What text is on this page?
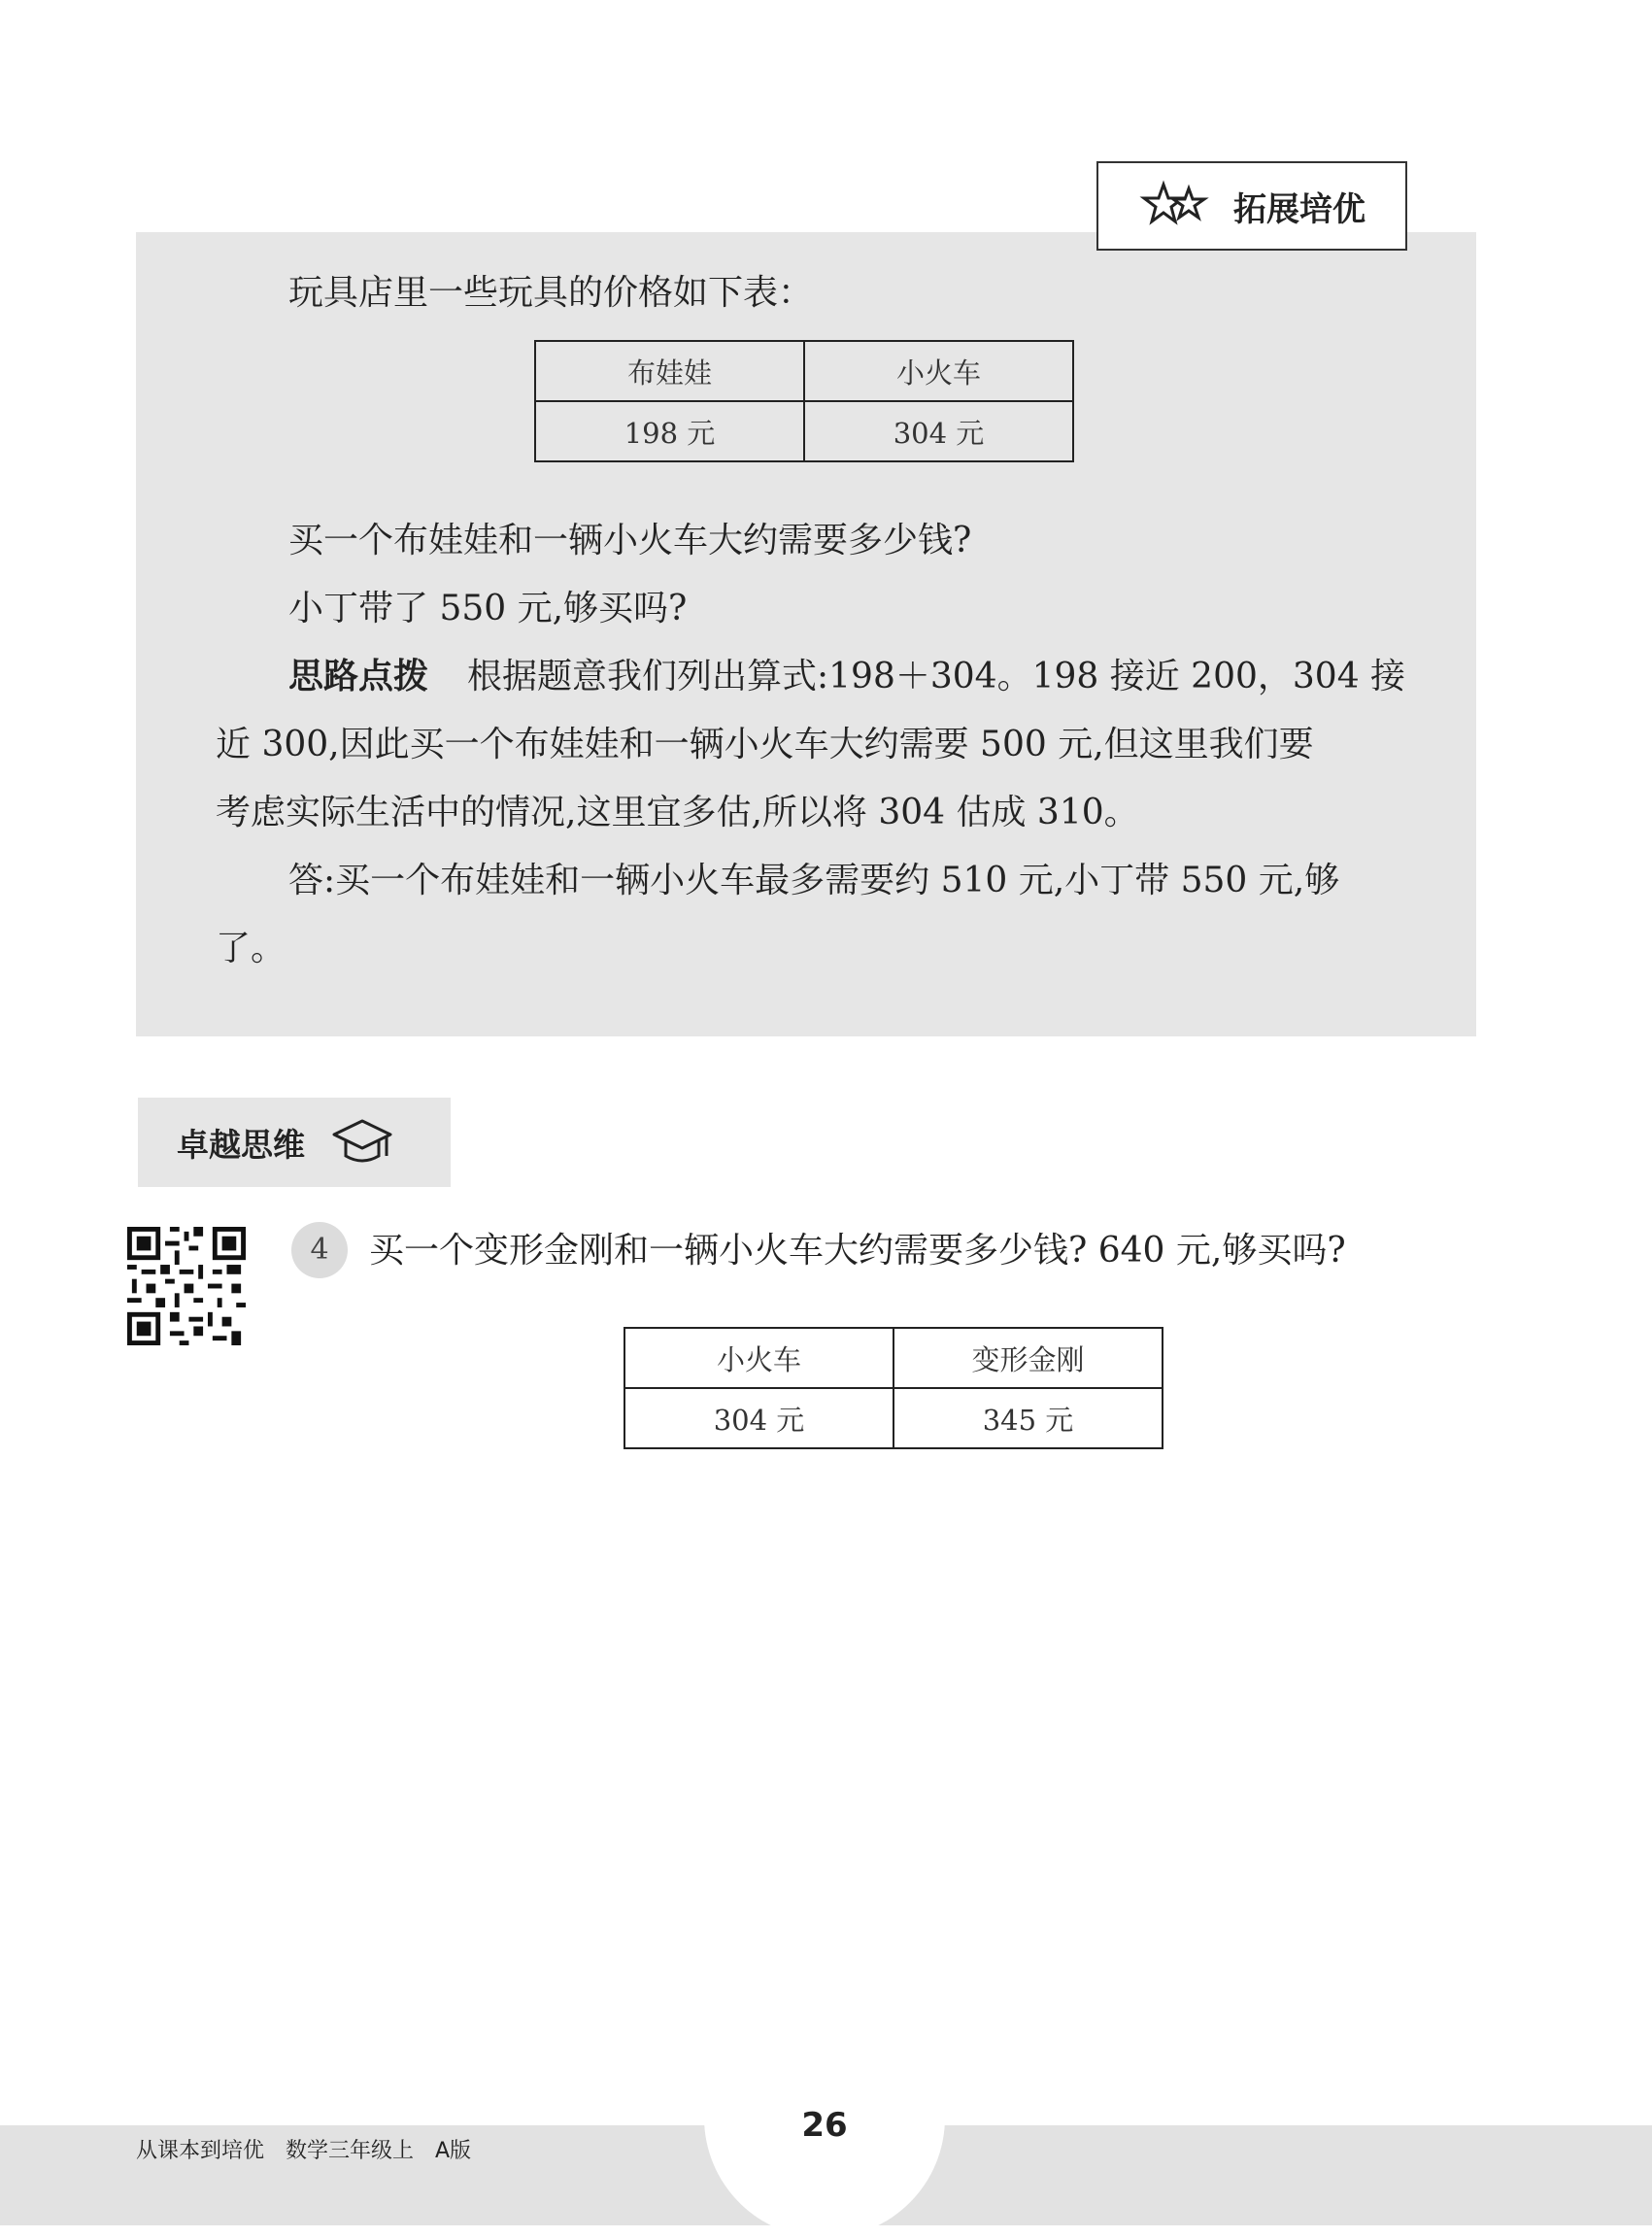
拓展培优
玩具店里一些玩具的价格如下表：
布娃娃	小火车
198 元	304 元
买一个布娃娃和一辆小火车大约需要多少钱?
小丁带了 550 元,够买吗?
思路点拨 根据题意我们列出算式:198＋304。198 接近 200，304 接
近 300,因此买一个布娃娃和一辆小火车大约需要 500 元,但这里我们要
考虑实际生活中的情况,这里宜多估,所以将 304 估成 310。
答:买一个布娃娃和一辆小火车最多需要约 510 元,小丁带 550 元,够
了。
卓越思维
4	买一个变形金刚和一辆小火车大约需要多少钱? 640 元,够买吗?
小火车	变形金刚
304 元	345 元
26
从课本到培优　数学三年级上　A版
